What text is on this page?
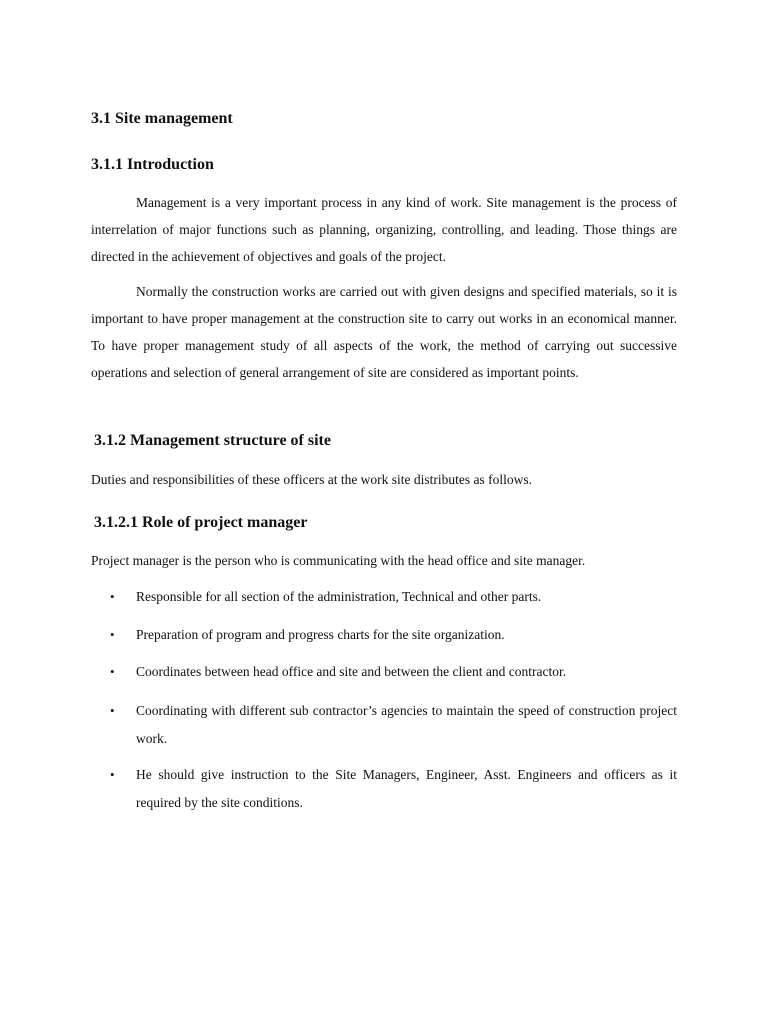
3.1 Site management
3.1.1 Introduction

Management is a very important process in any kind of work. Site management is the process of interrelation of major functions such as planning, organizing, controlling, and leading. Those things are directed in the achievement of objectives and goals of the project.

Normally the construction works are carried out with given designs and specified materials, so it is important to have proper management at the construction site to carry out works in an economical manner. To have proper management study of all aspects of the work, the method of carrying out successive operations and selection of general arrangement of site are considered as important points.

3.1.2 Management structure of site

Duties and responsibilities of these officers at the work site distributes as follows.

3.1.2.1 Role of project manager

Project manager is the person who is communicating with the head office and site manager.

•	Responsible for all section of the administration, Technical and other parts.
•	Preparation of program and progress charts for the site organization.
•	Coordinates between head office and site and between the client and contractor.
•	Coordinating with different sub contractor’s agencies to maintain the speed of construction project work.
•	He should give instruction to the Site Managers, Engineer, Asst. Engineers and officers as it required by the site conditions.
